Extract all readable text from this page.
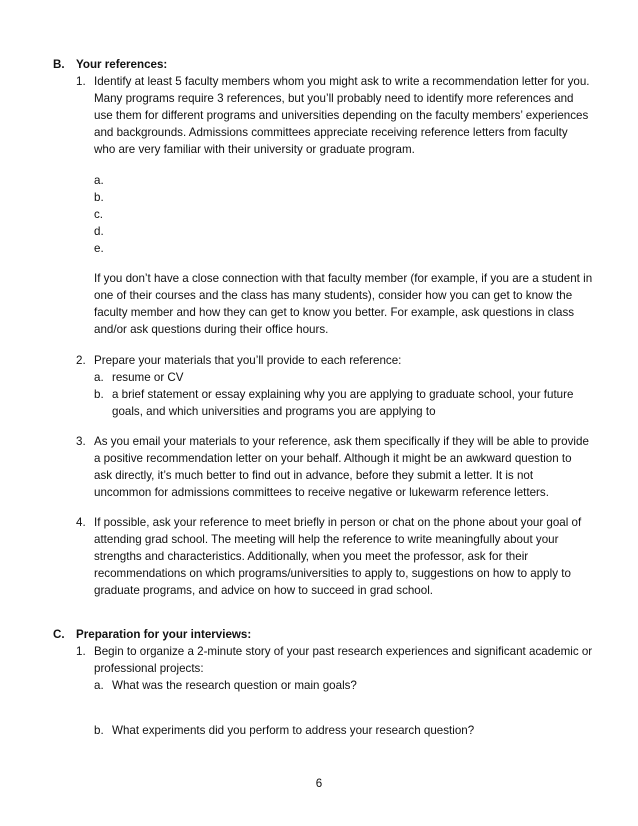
B. Your references:
1. Identify at least 5 faculty members whom you might ask to write a recommendation letter for you.
Many programs require 3 references, but you’ll probably need to identify more references and
use them for different programs and universities depending on the faculty members’ experiences
and backgrounds. Admissions committees appreciate receiving reference letters from faculty
who are very familiar with their university or graduate program.
a.
b.
c.
d.
e.
If you don’t have a close connection with that faculty member (for example, if you are a student in
one of their courses and the class has many students), consider how you can get to know the
faculty member and how they can get to know you better. For example, ask questions in class
and/or ask questions during their office hours.
2. Prepare your materials that you’ll provide to each reference:
a. resume or CV
b. a brief statement or essay explaining why you are applying to graduate school, your future
goals, and which universities and programs you are applying to
3. As you email your materials to your reference, ask them specifically if they will be able to provide
a positive recommendation letter on your behalf. Although it might be an awkward question to
ask directly, it’s much better to find out in advance, before they submit a letter. It is not
uncommon for admissions committees to receive negative or lukewarm reference letters.
4. If possible, ask your reference to meet briefly in person or chat on the phone about your goal of
attending grad school. The meeting will help the reference to write meaningfully about your
strengths and characteristics. Additionally, when you meet the professor, ask for their
recommendations on which programs/universities to apply to, suggestions on how to apply to
graduate programs, and advice on how to succeed in grad school.
C. Preparation for your interviews:
1. Begin to organize a 2-minute story of your past research experiences and significant academic or
professional projects:
a. What was the research question or main goals?
b. What experiments did you perform to address your research question?
6
